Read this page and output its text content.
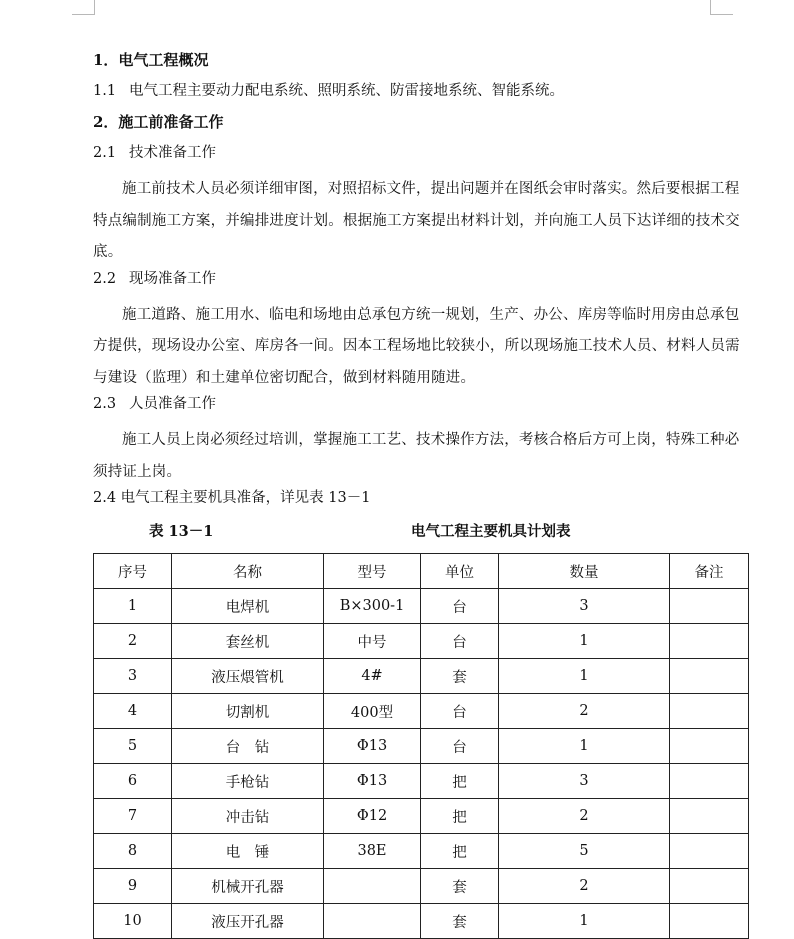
1．电气工程概况

1.1 电气工程主要动力配电系统、照明系统、防雷接地系统、智能系统。

2．施工前准备工作

2.1 技术准备工作

施工前技术人员必须详细审图，对照招标文件，提出问题并在图纸会审时落实。然后要根据工程特点编制施工方案，并编排进度计划。根据施工方案提出材料计划，并向施工人员下达详细的技术交底。

2.2 现场准备工作

施工道路、施工用水、临电和场地由总承包方统一规划，生产、办公、库房等临时用房由总承包方提供，现场设办公室、库房各一间。因本工程场地比较狭小，所以现场施工技术人员、材料人员需与建设（监理）和土建单位密切配合，做到材料随用随进。

2.3 人员准备工作

施工人员上岗必须经过培训，掌握施工工艺、技术操作方法，考核合格后方可上岗，特殊工种必须持证上岗。

2.4 电气工程主要机具准备，详见表 13－1

表 13－1	电气工程主要机具计划表
序号	名称	型号	单位	数量	备注
1	电焊机	B×300-1	台	3	
2	套丝机	中号	台	1	
3	液压煨管机	4#	套	1	
4	切割机	400型	台	2	
5	台　钻	Φ13	台	1	
6	手枪钻	Φ13	把	3	
7	冲击钻	Φ12	把	2	
8	电　锤	38E	把	5	
9	机械开孔器		套	2	
10	液压开孔器		套	1	
